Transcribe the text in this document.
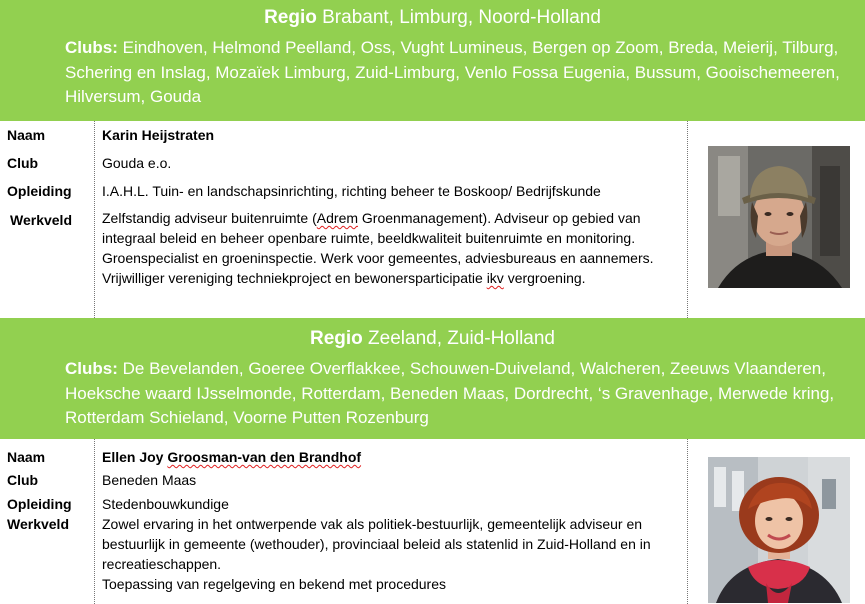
Regio Brabant, Limburg, Noord-Holland
Clubs: Eindhoven, Helmond Peelland, Oss, Vught Lumineus, Bergen op Zoom, Breda, Meierij, Tilburg, Schering en Inslag, Mozaïek Limburg, Zuid-Limburg, Venlo Fossa Eugenia, Bussum, Gooischemeeren, Hilversum, Gouda
Naam	Karin Heijstraten
Club	Gouda e.o.
Opleiding I.A.H.L. Tuin- en landschapsinrichting, richting beheer te Boskoop/ Bedrijfskunde
Werkveld Zelfstandig adviseur buitenruimte (Adrem Groenmanagement). Adviseur op gebied van integraal beleid en beheer openbare ruimte, beeldkwaliteit buitenruimte en monitoring. Groenspecialist en groeninspectie. Werk voor gemeentes, adviesbureaus en aannemers. Vrijwilliger vereniging techniekproject en bewonersparticipatie ikv vergroening.
Regio Zeeland, Zuid-Holland
Clubs: De Bevelanden, Goeree Overflakkee, Schouwen-Duiveland, Walcheren, Zeeuws Vlaanderen, Hoeksche waard IJsselmonde, Rotterdam, Beneden Maas, Dordrecht, ‘s Gravenhage, Merwede kring, Rotterdam Schieland, Voorne Putten Rozenburg
Naam	Ellen Joy Groosman-van den Brandhof
Club	Beneden Maas
Opleiding Stedenbouwkundige
Werkveld Zowel ervaring in het ontwerpende vak als politiek-bestuurlijk, gemeentelijk adviseur en bestuurlijk in gemeente (wethouder), provinciaal beleid als statenlid in Zuid-Holland en in recreatieschappen.
Toepassing van regelgeving en bekend met procedures
